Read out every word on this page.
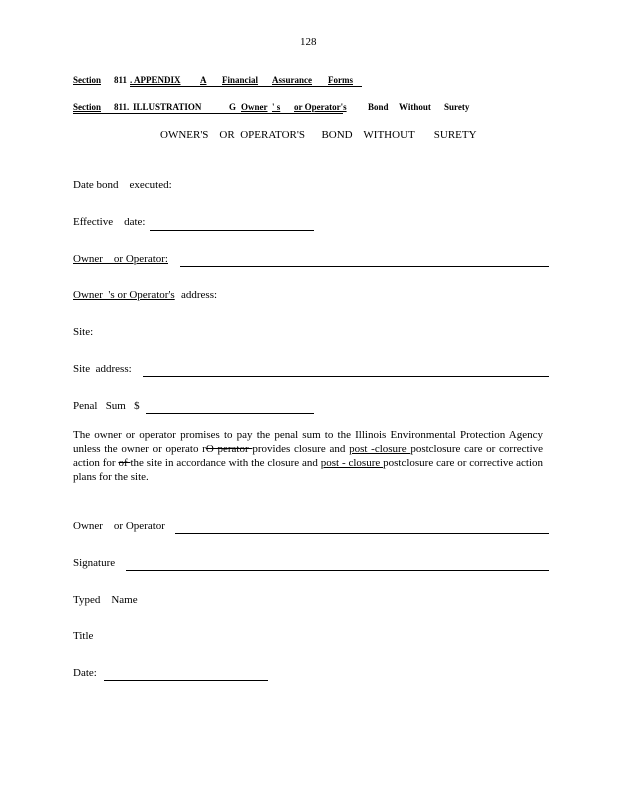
128
Section 811 . APPENDIX A Financial Assurance Forms
Section 811. ILLUSTRATION	G Owner ' s or Operator's Bond Without Surety
OWNER'S    OR  OPERATOR'S      BOND    WITHOUT       SURETY
Date bond    executed:
Effective    date:
Owner    or Operator:
Owner  's or Operator's address:
Site:
Site  address:
Penal   Sum   $
The owner or operator promises to pay the penal sum to the Illinois Environmental Protection Agency unless the owner or operato rO perator provides closure and post -closure postclosure care or corrective action for of the site in accordance with the closure and post - closure postclosure care or corrective action plans for the site.
Owner    or Operator
Signature
Typed    Name
Title
Date:
